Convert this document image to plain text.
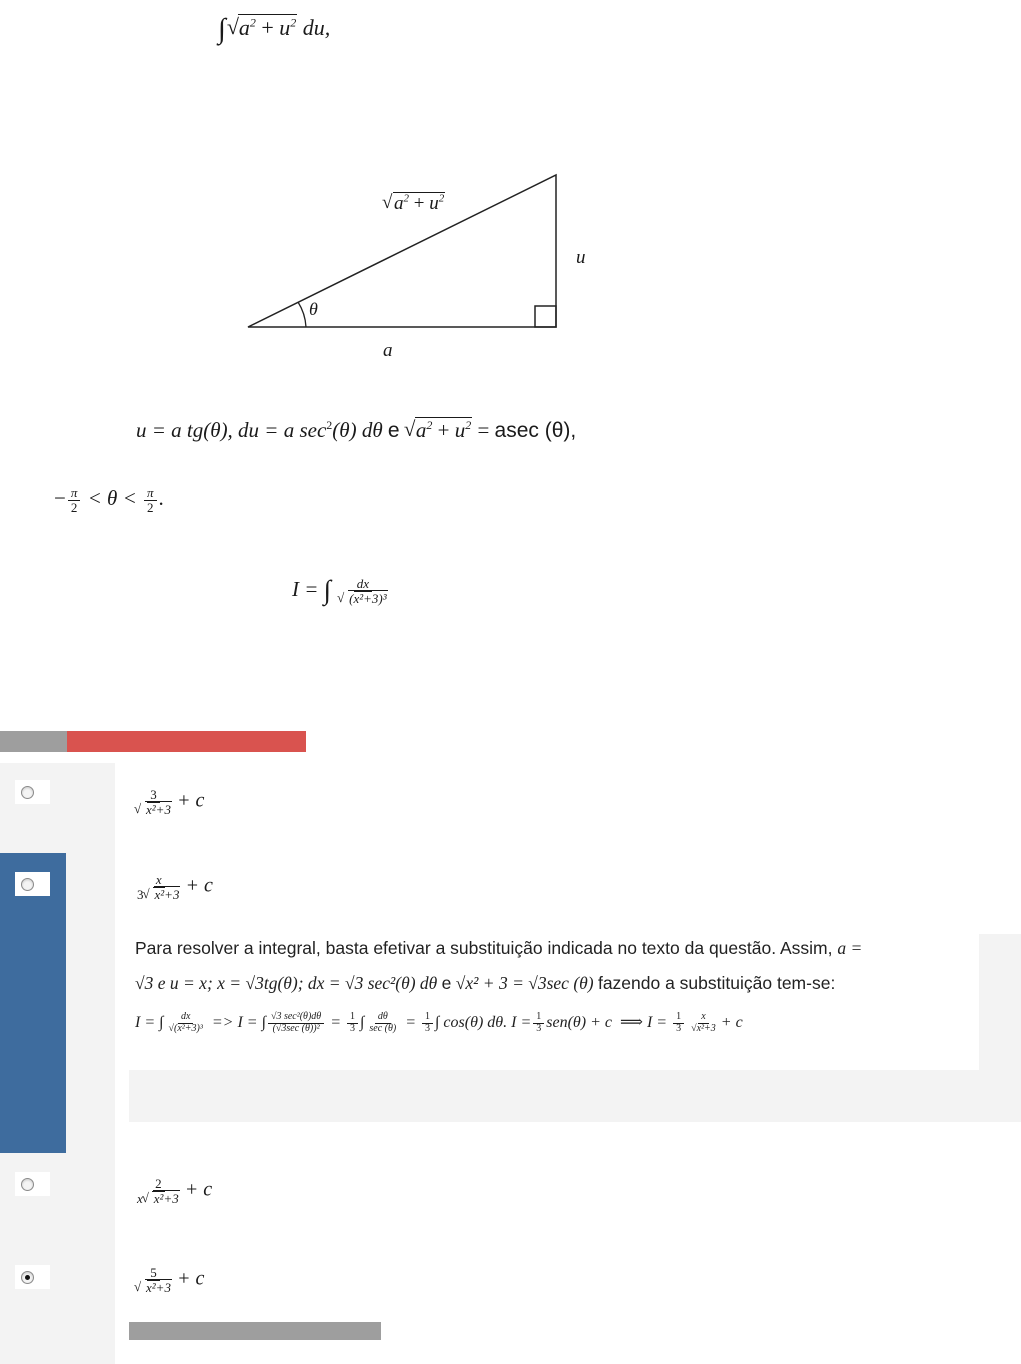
∫ √ $a^2 + u^2$ du,
√ $a^2 + u^2$
u
a
θ
u = a tg(θ), du = a $\sec^2(\theta)$ dθ e √ $a^2 + u^2 = asec$ (θ),
− $\frac{\pi}{2} < \theta < \frac{\pi}{2}$ .
I = ∫ dx
√ (x²+3)³
3
√ x²+3 + c
$\frac{x}{\text{3 √ x²+3}} + c$
Para resolver a integral, basta efetivar a substituição indicada no texto da questão. Assim, a =
√3 e u = x; x = √3tg(θ); dx = √3 sec²(θ) dθ e √x² + 3 = √3sec (θ) fazendo a substituição tem-se:
I = ∫ $\frac{dx}{\text{√(x²+3)³}} => I$ = ∫ $\frac{\text{√3 sec²(θ)dθ}}{\text{(√3sec (θ))²}} = \frac{1}{3}$ ∫ $\frac{d\theta}{\sec (\theta)} = \frac{1}{3}$ ∫ cos(θ) dθ. $I = \frac{1}{3} sen(\theta) + c$ ⟹ $I = \frac{1}{3} \frac{x}{\text{√x²+3}} + c$
$\frac{2}{\text{x √ x²+3}} + c$
5
√ x²+3 + c
